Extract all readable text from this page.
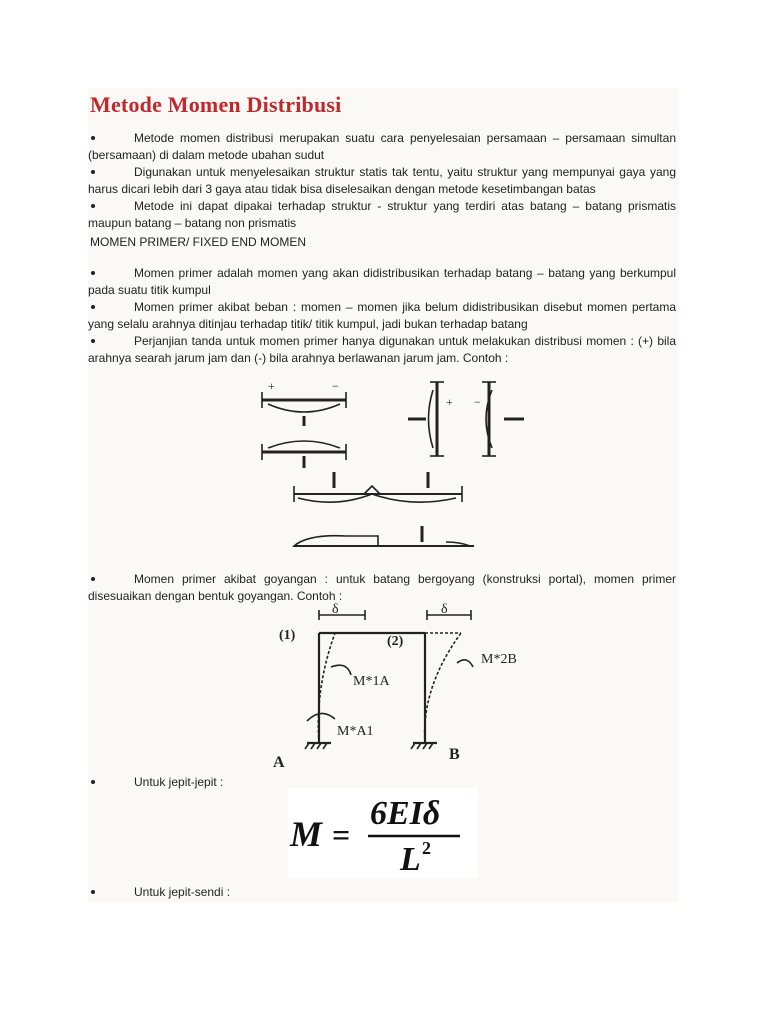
Metode Momen Distribusi
Metode momen distribusi merupakan suatu cara penyelesaian persamaan – persamaan simultan (bersamaan) di dalam metode ubahan sudut
Digunakan untuk menyelesaikan struktur statis tak tentu, yaitu struktur yang mempunyai gaya yang harus dicari lebih dari 3 gaya atau tidak bisa diselesaikan dengan metode kesetimbangan batas
Metode ini dapat dipakai terhadap struktur - struktur yang terdiri atas batang – batang prismatis maupun batang – batang non prismatis
MOMEN PRIMER/ FIXED END MOMEN
Momen primer adalah momen yang akan didistribusikan terhadap batang – batang yang berkumpul pada suatu titik kumpul
Momen primer akibat beban : momen – momen jika belum didistribusikan disebut momen pertama yang selalu arahnya ditinjau terhadap titik/ titik kumpul, jadi bukan terhadap batang
Perjanjian tanda untuk momen primer hanya digunakan untuk melakukan distribusi momen : (+) bila arahnya searah jarum jam dan (-) bila arahnya berlawanan jarum jam. Contoh :
+	−
+ −
Momen primer akibat goyangan : untuk batang bergoyang (konstruksi portal), momen primer disesuaikan dengan bentuk goyangan. Contoh :
δ	δ
(1)	(2)
M*1A
M*2B
M*A1
A	B
Untuk jepit-jepit :
M =
6EIδ
L 2
Untuk jepit-sendi :
